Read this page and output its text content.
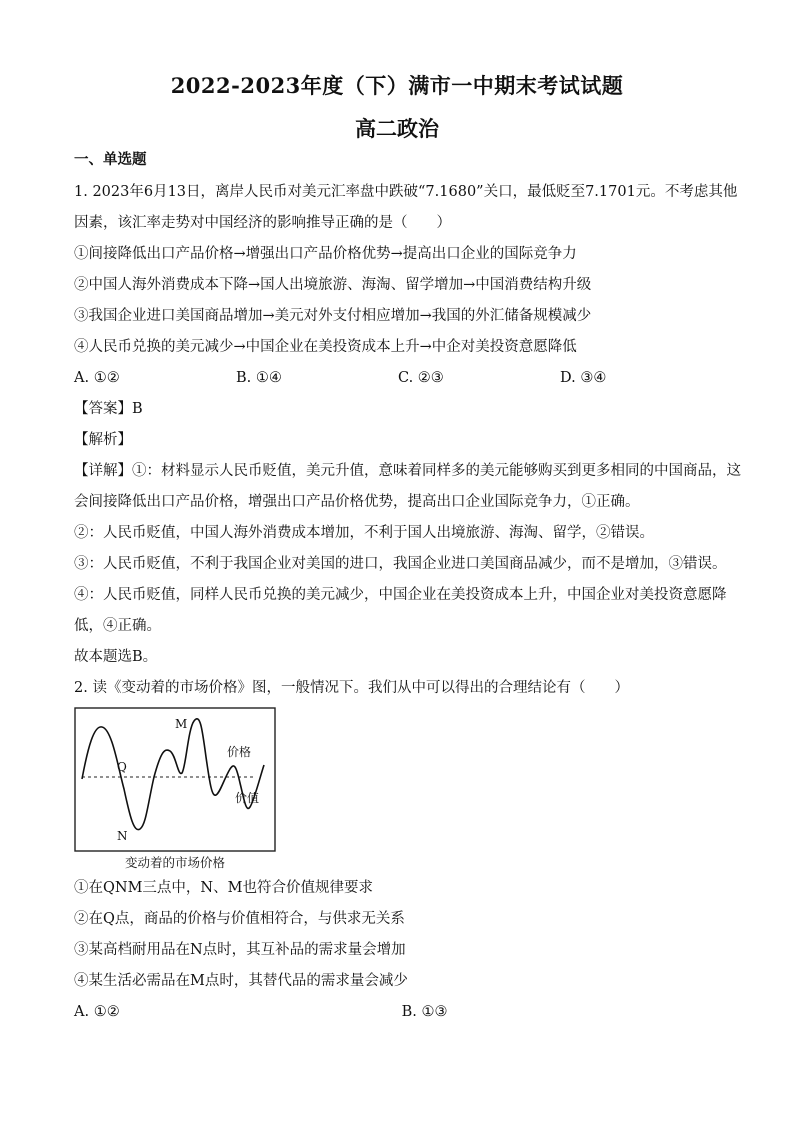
2022-2023年度（下）满市一中期末考试试题
高二政治
一、单选题
1. 2023年6月13日，离岸人民币对美元汇率盘中跌破“7.1680”关口，最低贬至7.1701元。不考虑其他
因素，该汇率走势对中国经济的影响推导正确的是（　　）
①间接降低出口产品价格→增强出口产品价格优势→提高出口企业的国际竞争力
②中国人海外消费成本下降→国人出境旅游、海淘、留学增加→中国消费结构升级
③我国企业进口美国商品增加→美元对外支付相应增加→我国的外汇储备规模减少
④人民币兑换的美元减少→中国企业在美投资成本上升→中企对美投资意愿降低
A. ①②	B. ①④	C. ②③	D. ③④
【答案】B
【解析】
【详解】①：材料显示人民币贬值，美元升值，意味着同样多的美元能够购买到更多相同的中国商品，这
会间接降低出口产品价格，增强出口产品价格优势，提高出口企业国际竞争力，①正确。
②：人民币贬值，中国人海外消费成本增加，不利于国人出境旅游、海淘、留学，②错误。
③：人民币贬值，不利于我国企业对美国的进口，我国企业进口美国商品减少，而不是增加，③错误。
④：人民币贬值，同样人民币兑换的美元减少，中国企业在美投资成本上升，中国企业对美投资意愿降
低，④正确。
故本题选B。
2. 读《变动着的市场价格》图，一般情况下。我们从中可以得出的合理结论有（　　）
M
Q
N
价格
价值
变动着的市场价格
①在QNM三点中，N、M也符合价值规律要求
②在Q点，商品的价格与价值相符合，与供求无关系
③某高档耐用品在N点时，其互补品的需求量会增加
④某生活必需品在M点时，其替代品的需求量会减少
A. ①②	B. ①③
